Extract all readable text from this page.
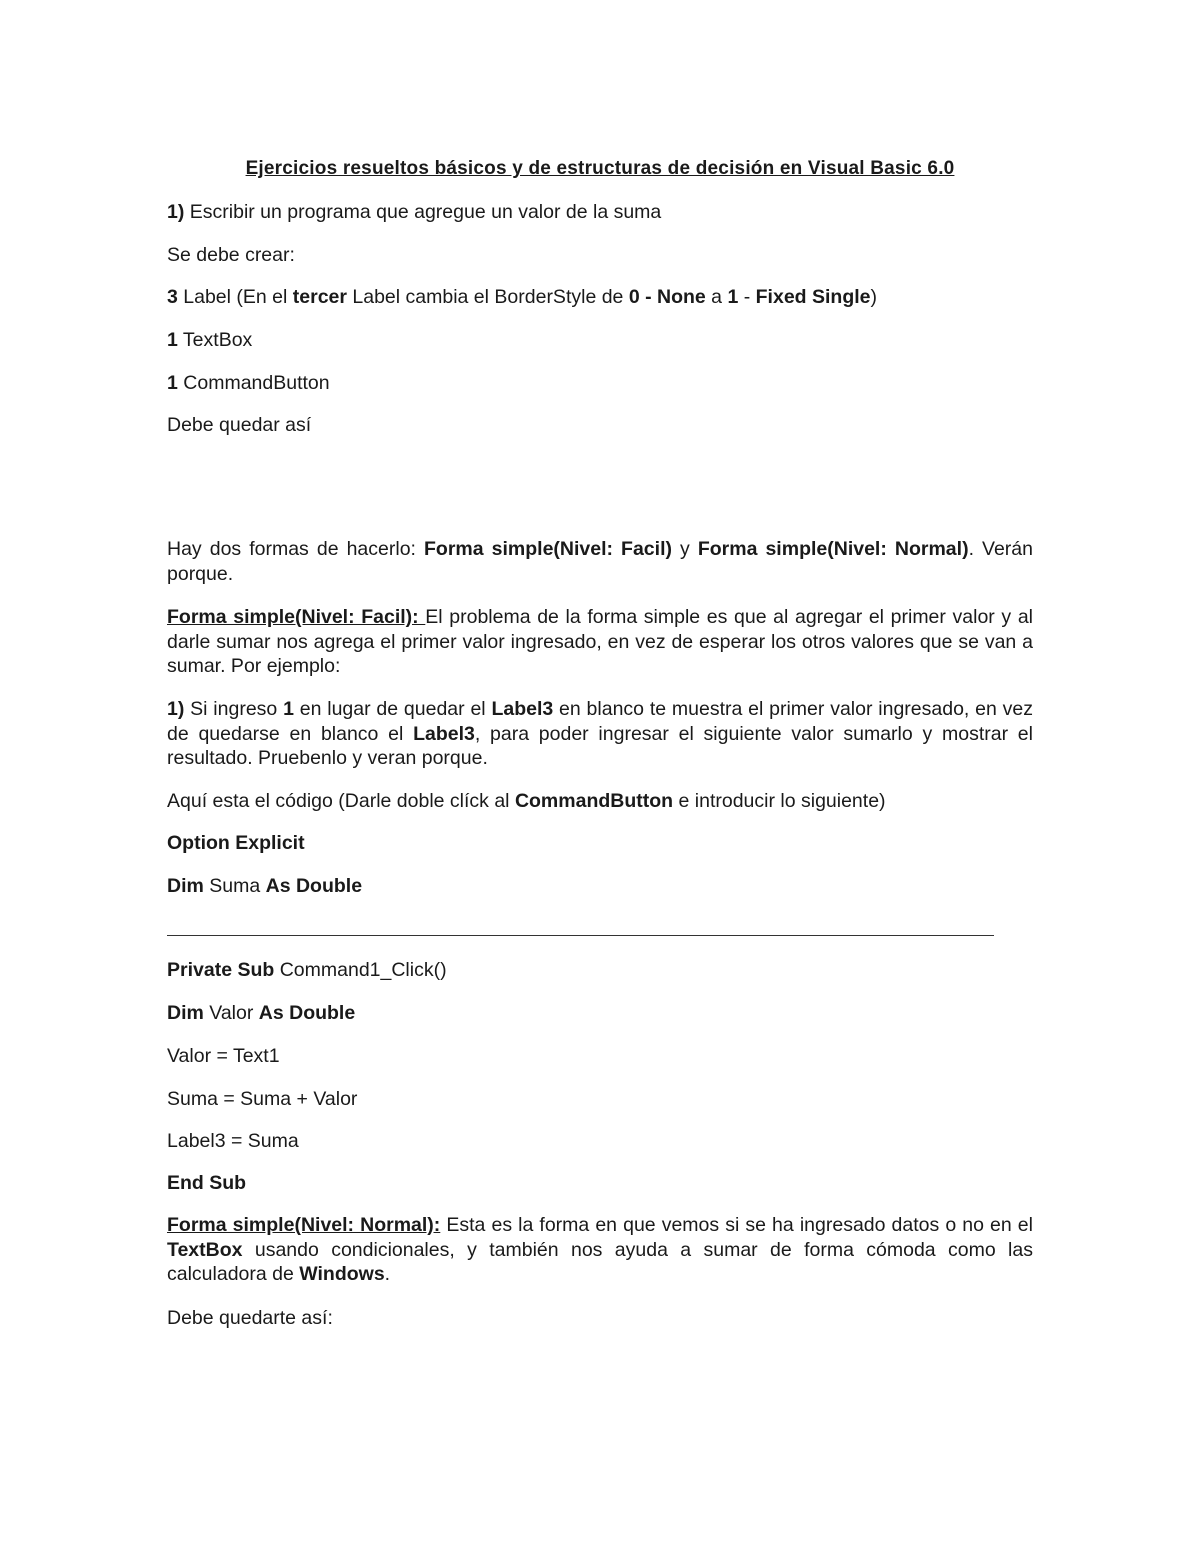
Ejercicios resueltos básicos y de estructuras de decisión en Visual Basic 6.0
1) Escribir un programa que agregue un valor de la suma
Se debe crear:
3 Label (En el tercer Label cambia el BorderStyle de 0 - None a 1 - Fixed Single)
1 TextBox
1 CommandButton
Debe quedar así
Hay dos formas de hacerlo: Forma simple(Nivel: Facil) y Forma simple(Nivel: Normal). Verán porque.
Forma simple(Nivel: Facil): El problema de la forma simple es que al agregar el primer valor y al darle sumar nos agrega el primer valor ingresado, en vez de esperar los otros valores que se van a sumar. Por ejemplo:
1) Si ingreso 1 en lugar de quedar el Label3 en blanco te muestra el primer valor ingresado, en vez de quedarse en blanco el Label3, para poder ingresar el siguiente valor sumarlo y mostrar el resultado. Pruebenlo y veran porque.
Aquí esta el código (Darle doble clíck al CommandButton e introducir lo siguiente)
Option Explicit
Dim Suma As Double
Private Sub Command1_Click()
Dim Valor As Double
Valor = Text1
Suma = Suma + Valor
Label3 = Suma
End Sub
Forma simple(Nivel: Normal): Esta es la forma en que vemos si se ha ingresado datos o no en el TextBox usando condicionales, y también nos ayuda a sumar de forma cómoda como las calculadora de Windows.
Debe quedarte así:
